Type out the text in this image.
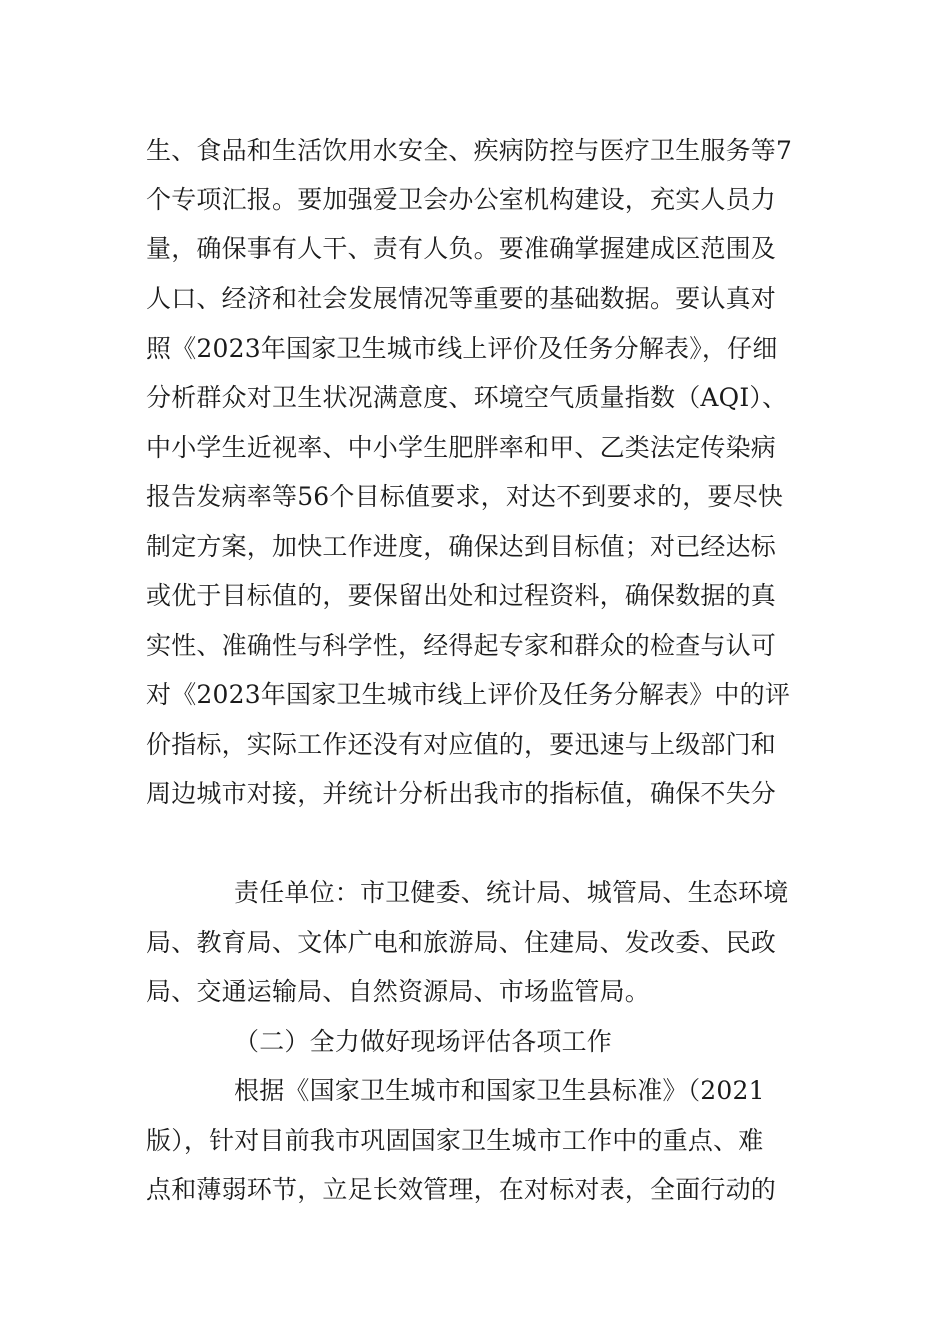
生、食品和生活饮用水安全、疾病防控与医疗卫生服务等7
个专项汇报。要加强爱卫会办公室机构建设，充实人员力
量，确保事有人干、责有人负。要准确掌握建成区范围及
人口、经济和社会发展情况等重要的基础数据。要认真对
照《2023年国家卫生城市线上评价及任务分解表》，仔细
分析群众对卫生状况满意度、环境空气质量指数（AQI）、
中小学生近视率、中小学生肥胖率和甲、乙类法定传染病
报告发病率等56个目标值要求，对达不到要求的，要尽快
制定方案，加快工作进度，确保达到目标值；对已经达标
或优于目标值的，要保留出处和过程资料，确保数据的真
实性、准确性与科学性，经得起专家和群众的检查与认可
对《2023年国家卫生城市线上评价及任务分解表》中的评
价指标，实际工作还没有对应值的，要迅速与上级部门和
周边城市对接，并统计分析出我市的指标值，确保不失分
责任单位：市卫健委、统计局、城管局、生态环境
局、教育局、文体广电和旅游局、住建局、发改委、民政
局、交通运输局、自然资源局、市场监管局。
（二）全力做好现场评估各项工作
根据《国家卫生城市和国家卫生县标准》（2021
版），针对目前我市巩固国家卫生城市工作中的重点、难
点和薄弱环节，立足长效管理，在对标对表，全面行动的
